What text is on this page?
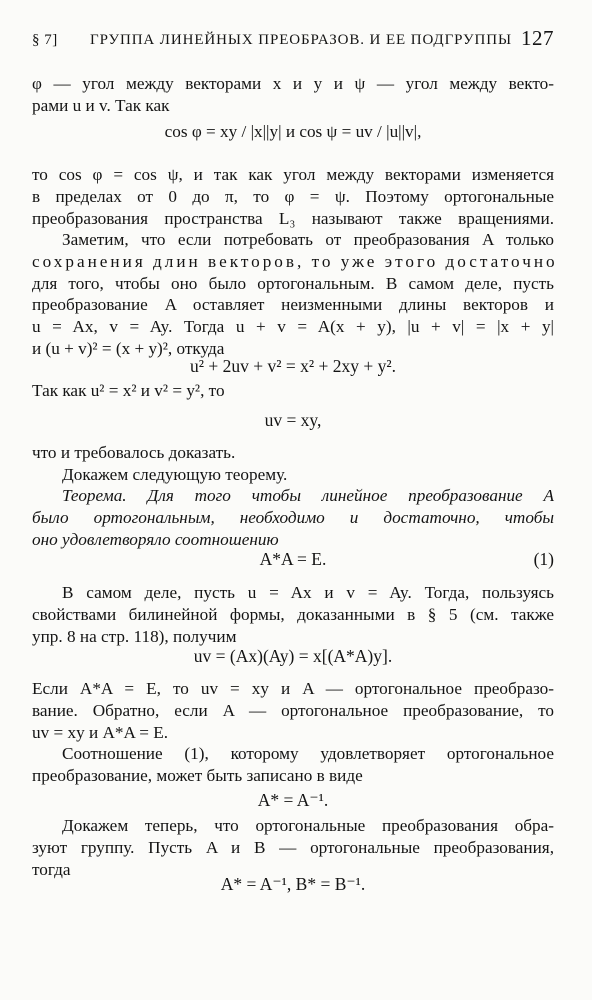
§ 7] ГРУППА ЛИНЕЙНЫХ ПРЕОБРАЗОВ. И ЕЕ ПОДГРУППЫ 127
φ — угол между векторами x и y и ψ — угол между векто-
рами u и v. Так как
cos φ = xy / |x||y| и cos ψ = uv / |u||v|,
то cos φ = cos ψ, и так как угол между векторами изменяется
в пределах от 0 до π, то φ = ψ. Поэтому ортогональные
преобразования пространства L₃ называют также вращениями.
Заметим, что если потребовать от преобразования A только
сохранения длин векторов, то уже этого достаточно
для того, чтобы оно было ортогональным. В самом деле, пусть
преобразование A оставляет неизменными длины векторов и
u = Ax, v = Ay. Тогда u + v = A(x + y), |u + v| = |x + y|
и (u + v)² = (x + y)², откуда
u² + 2uv + v² = x² + 2xy + y².
Так как u² = x² и v² = y², то
uv = xy,
что и требовалось доказать.
Докажем следующую теорему.
Теорема. Для того чтобы линейное преобразование A
было ортогональным, необходимо и достаточно, чтобы
оно удовлетворяло соотношению
A*A = E.	(1)
В самом деле, пусть u = Ax и v = Ay. Тогда, пользуясь
свойствами билинейной формы, доказанными в § 5 (см. также
упр. 8 на стр. 118), получим
uv = (Ax)(Ay) = x[(A*A)y].
Если A*A = E, то uv = xy и A — ортогональное преобразо-
вание. Обратно, если A — ортогональное преобразование, то
uv = xy и A*A = E.
Соотношение (1), которому удовлетворяет ортогональное
преобразование, может быть записано в виде
A* = A⁻¹.
Докажем теперь, что ортогональные преобразования обра-
зуют группу. Пусть A и B — ортогональные преобразования,
тогда
A* = A⁻¹, B* = B⁻¹.
